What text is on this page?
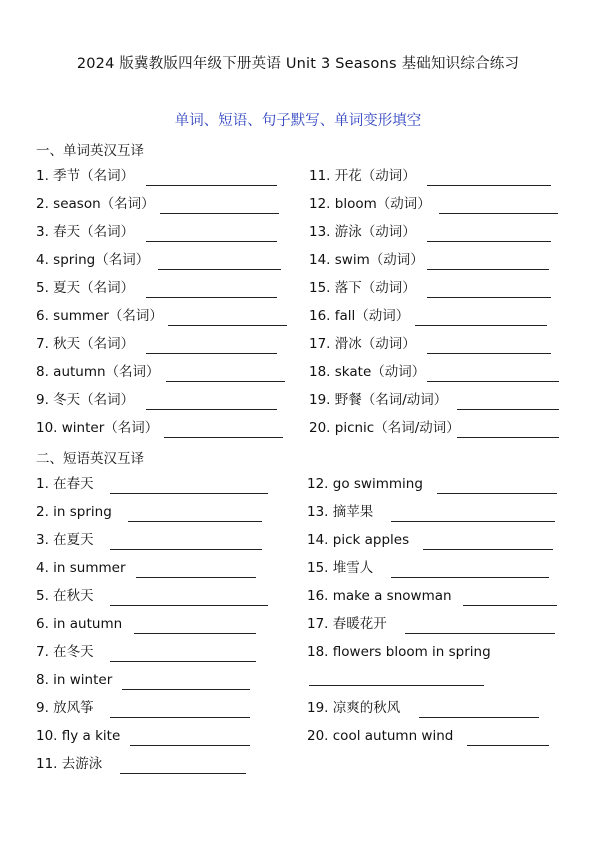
2024 版冀教版四年级下册英语 Unit 3 Seasons 基础知识综合练习
单词、短语、句子默写、单词变形填空
一、单词英汉互译
1. 季节（名词）
2. season（名词）
3. 春天（名词）
4. spring（名词）
5. 夏天（名词）
6. summer（名词）
7. 秋天（名词）
8. autumn（名词）
9. 冬天（名词）
10. winter（名词）
11. 开花（动词）
12. bloom（动词）
13. 游泳（动词）
14. swim（动词）
15. 落下（动词）
16. fall（动词）
17. 滑冰（动词）
18. skate（动词）
19. 野餐（名词/动词）
20. picnic（名词/动词）
二、短语英汉互译
1. 在春天
2. in spring
3. 在夏天
4. in summer
5. 在秋天
6. in autumn
7. 在冬天
8. in winter
9. 放风筝
10. fly a kite
11. 去游泳
12. go swimming
13. 摘苹果
14. pick apples
15. 堆雪人
16. make a snowman
17. 春暖花开
18. flowers bloom in spring
19. 凉爽的秋风
20. cool autumn wind
